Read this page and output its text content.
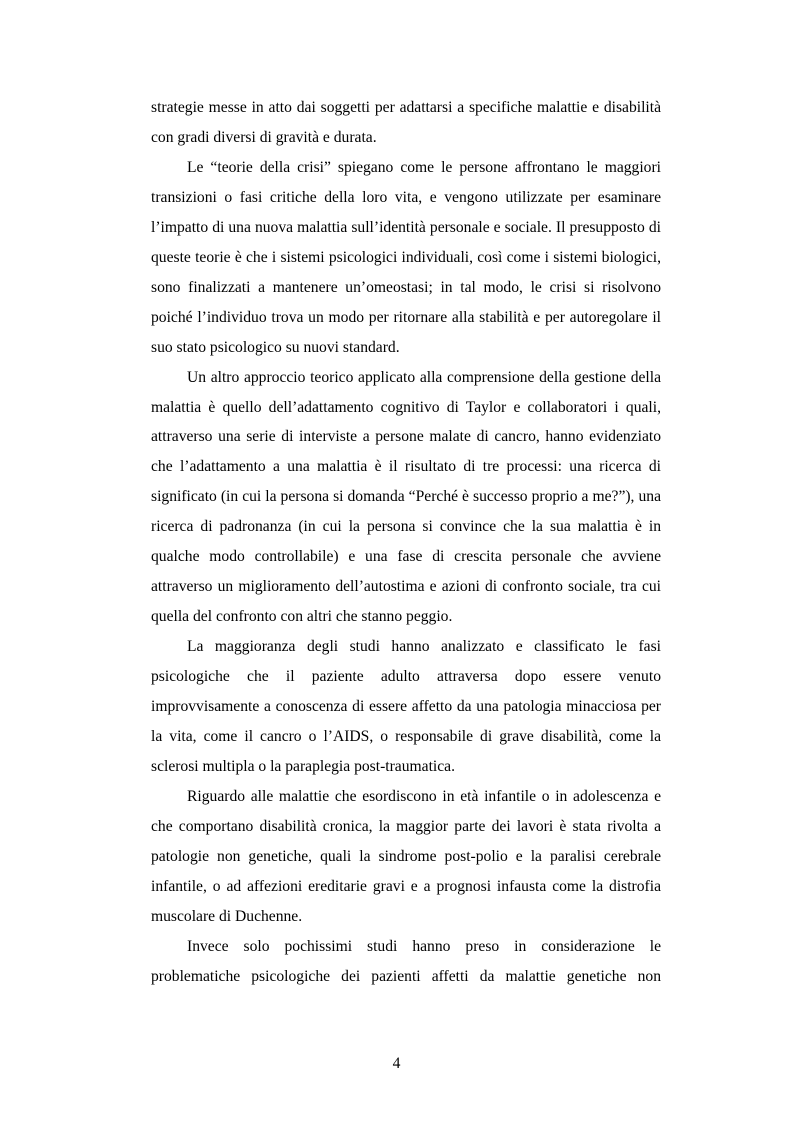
strategie messe in atto dai soggetti per adattarsi a specifiche malattie e disabilità con gradi diversi di gravità e durata.

Le “teorie della crisi” spiegano come le persone affrontano le maggiori transizioni o fasi critiche della loro vita, e vengono utilizzate per esaminare l’impatto di una nuova malattia sull’identità personale e sociale. Il presupposto di queste teorie è che i sistemi psicologici individuali, così come i sistemi biologici, sono finalizzati a mantenere un’omeostasi; in tal modo, le crisi si risolvono poiché l’individuo trova un modo per ritornare alla stabilità e per autoregolare il suo stato psicologico su nuovi standard.

Un altro approccio teorico applicato alla comprensione della gestione della malattia è quello dell’adattamento cognitivo di Taylor e collaboratori i quali, attraverso una serie di interviste a persone malate di cancro, hanno evidenziato che l’adattamento a una malattia è il risultato di tre processi: una ricerca di significato (in cui la persona si domanda “Perché è successo proprio a me?”), una ricerca di padronanza (in cui la persona si convince che la sua malattia è in qualche modo controllabile) e una fase di crescita personale che avviene attraverso un miglioramento dell’autostima e azioni di confronto sociale, tra cui quella del confronto con altri che stanno peggio.

La maggioranza degli studi hanno analizzato e classificato le fasi psicologiche che il paziente adulto attraversa dopo essere venuto improvvisamente a conoscenza di essere affetto da una patologia minacciosa per la vita, come il cancro o l’AIDS, o responsabile di grave disabilità, come la sclerosi multipla o la paraplegia post-traumatica.

Riguardo alle malattie che esordiscono in età infantile o in adolescenza e che comportano disabilità cronica, la maggior parte dei lavori è stata rivolta a patologie non genetiche, quali la sindrome post-polio e la paralisi cerebrale infantile, o ad affezioni ereditarie gravi e a prognosi infausta come la distrofia muscolare di Duchenne.

Invece solo pochissimi studi hanno preso in considerazione le problematiche psicologiche dei pazienti affetti da malattie genetiche non

4
